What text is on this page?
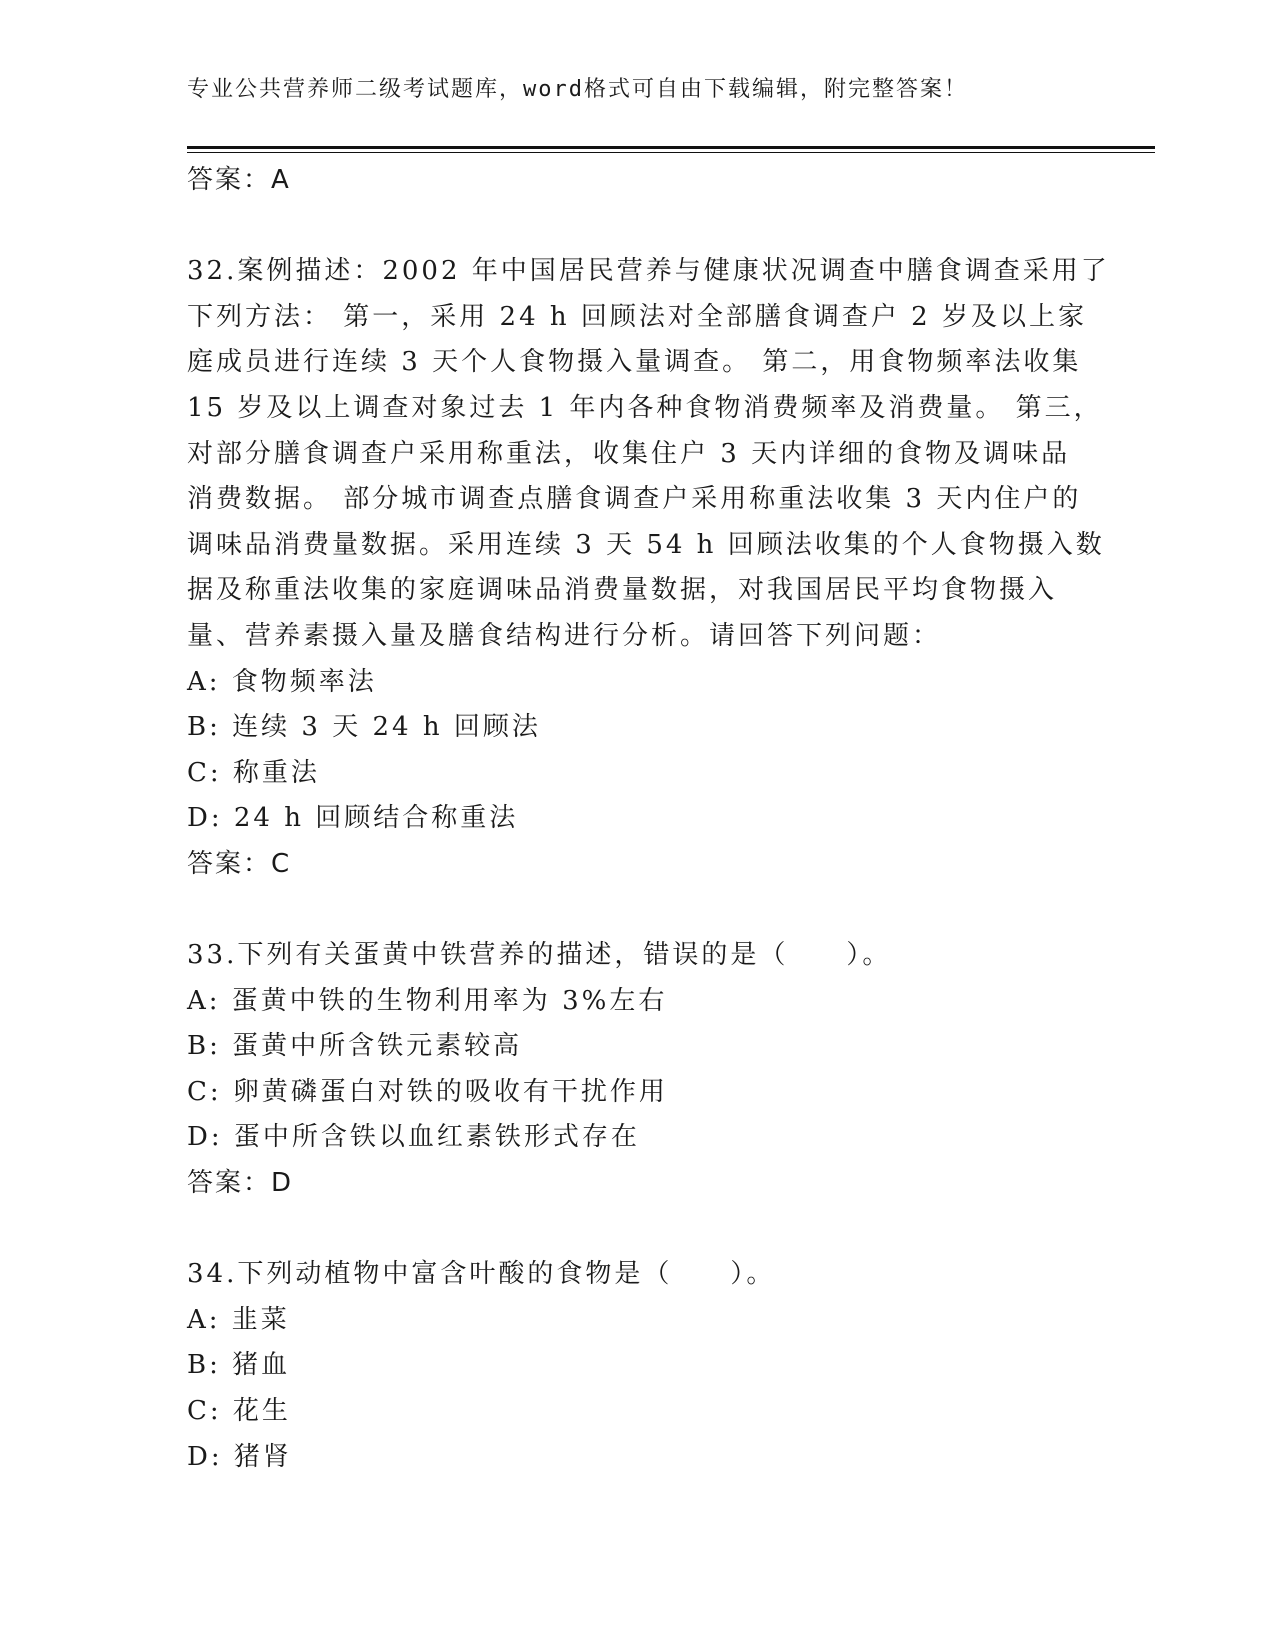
专业公共营养师二级考试题库，word格式可自由下载编辑，附完整答案！
答案：A
32.案例描述：2002 年中国居民营养与健康状况调查中膳食调查采用了
下列方法： 第一，采用 24 h 回顾法对全部膳食调查户 2 岁及以上家
庭成员进行连续 3 天个人食物摄入量调查。 第二，用食物频率法收集
15 岁及以上调查对象过去 1 年内各种食物消费频率及消费量。 第三，
对部分膳食调查户采用称重法，收集住户 3 天内详细的食物及调味品
消费数据。 部分城市调查点膳食调查户采用称重法收集 3 天内住户的
调味品消费量数据。采用连续 3 天 54 h 回顾法收集的个人食物摄入数
据及称重法收集的家庭调味品消费量数据，对我国居民平均食物摄入
量、营养素摄入量及膳食结构进行分析。请回答下列问题：
A: 食物频率法
B: 连续 3 天 24 h 回顾法
C: 称重法
D: 24 h 回顾结合称重法
答案：C
33.下列有关蛋黄中铁营养的描述，错误的是（　　）。
A: 蛋黄中铁的生物利用率为 3%左右
B: 蛋黄中所含铁元素较高
C: 卵黄磷蛋白对铁的吸收有干扰作用
D: 蛋中所含铁以血红素铁形式存在
答案：D
34.下列动植物中富含叶酸的食物是（　　）。
A: 韭菜
B: 猪血
C: 花生
D: 猪肾
